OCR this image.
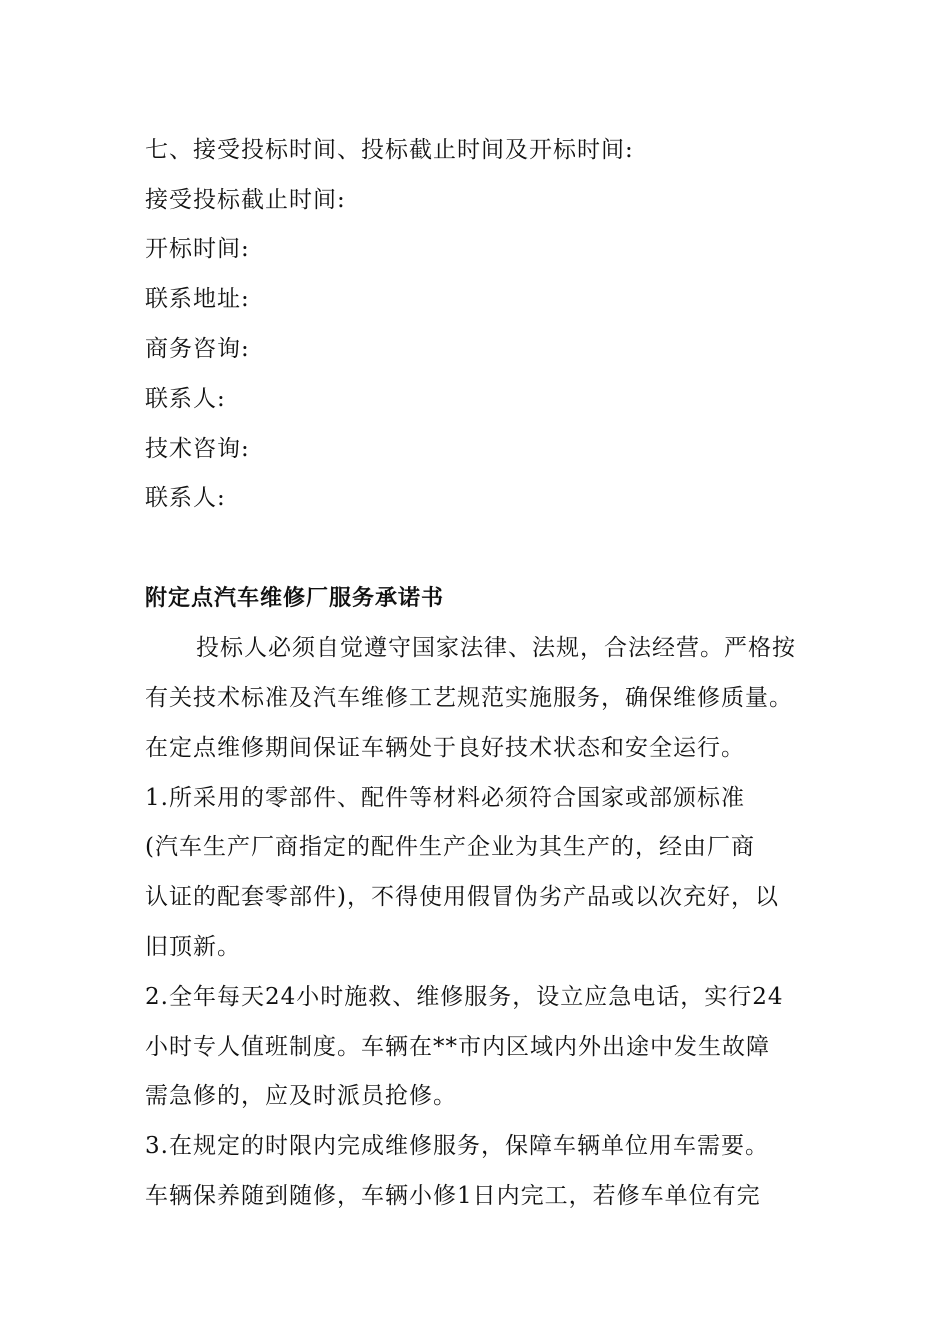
七、接受投标时间、投标截止时间及开标时间:
接受投标截止时间:
开标时间:
联系地址:
商务咨询:
联系人:
技术咨询:
联系人:
附定点汽车维修厂服务承诺书
投标人必须自觉遵守国家法律、法规，合法经营。严格按
有关技术标准及汽车维修工艺规范实施服务，确保维修质量。
在定点维修期间保证车辆处于良好技术状态和安全运行。
1.所采用的零部件、配件等材料必须符合国家或部颁标准
(汽车生产厂商指定的配件生产企业为其生产的，经由厂商
认证的配套零部件)，不得使用假冒伪劣产品或以次充好，以
旧顶新。
2.全年每天24小时施救、维修服务，设立应急电话，实行24
小时专人值班制度。车辆在**市内区域内外出途中发生故障
需急修的，应及时派员抢修。
3.在规定的时限内完成维修服务，保障车辆单位用车需要。
车辆保养随到随修，车辆小修1日内完工，若修车单位有完
